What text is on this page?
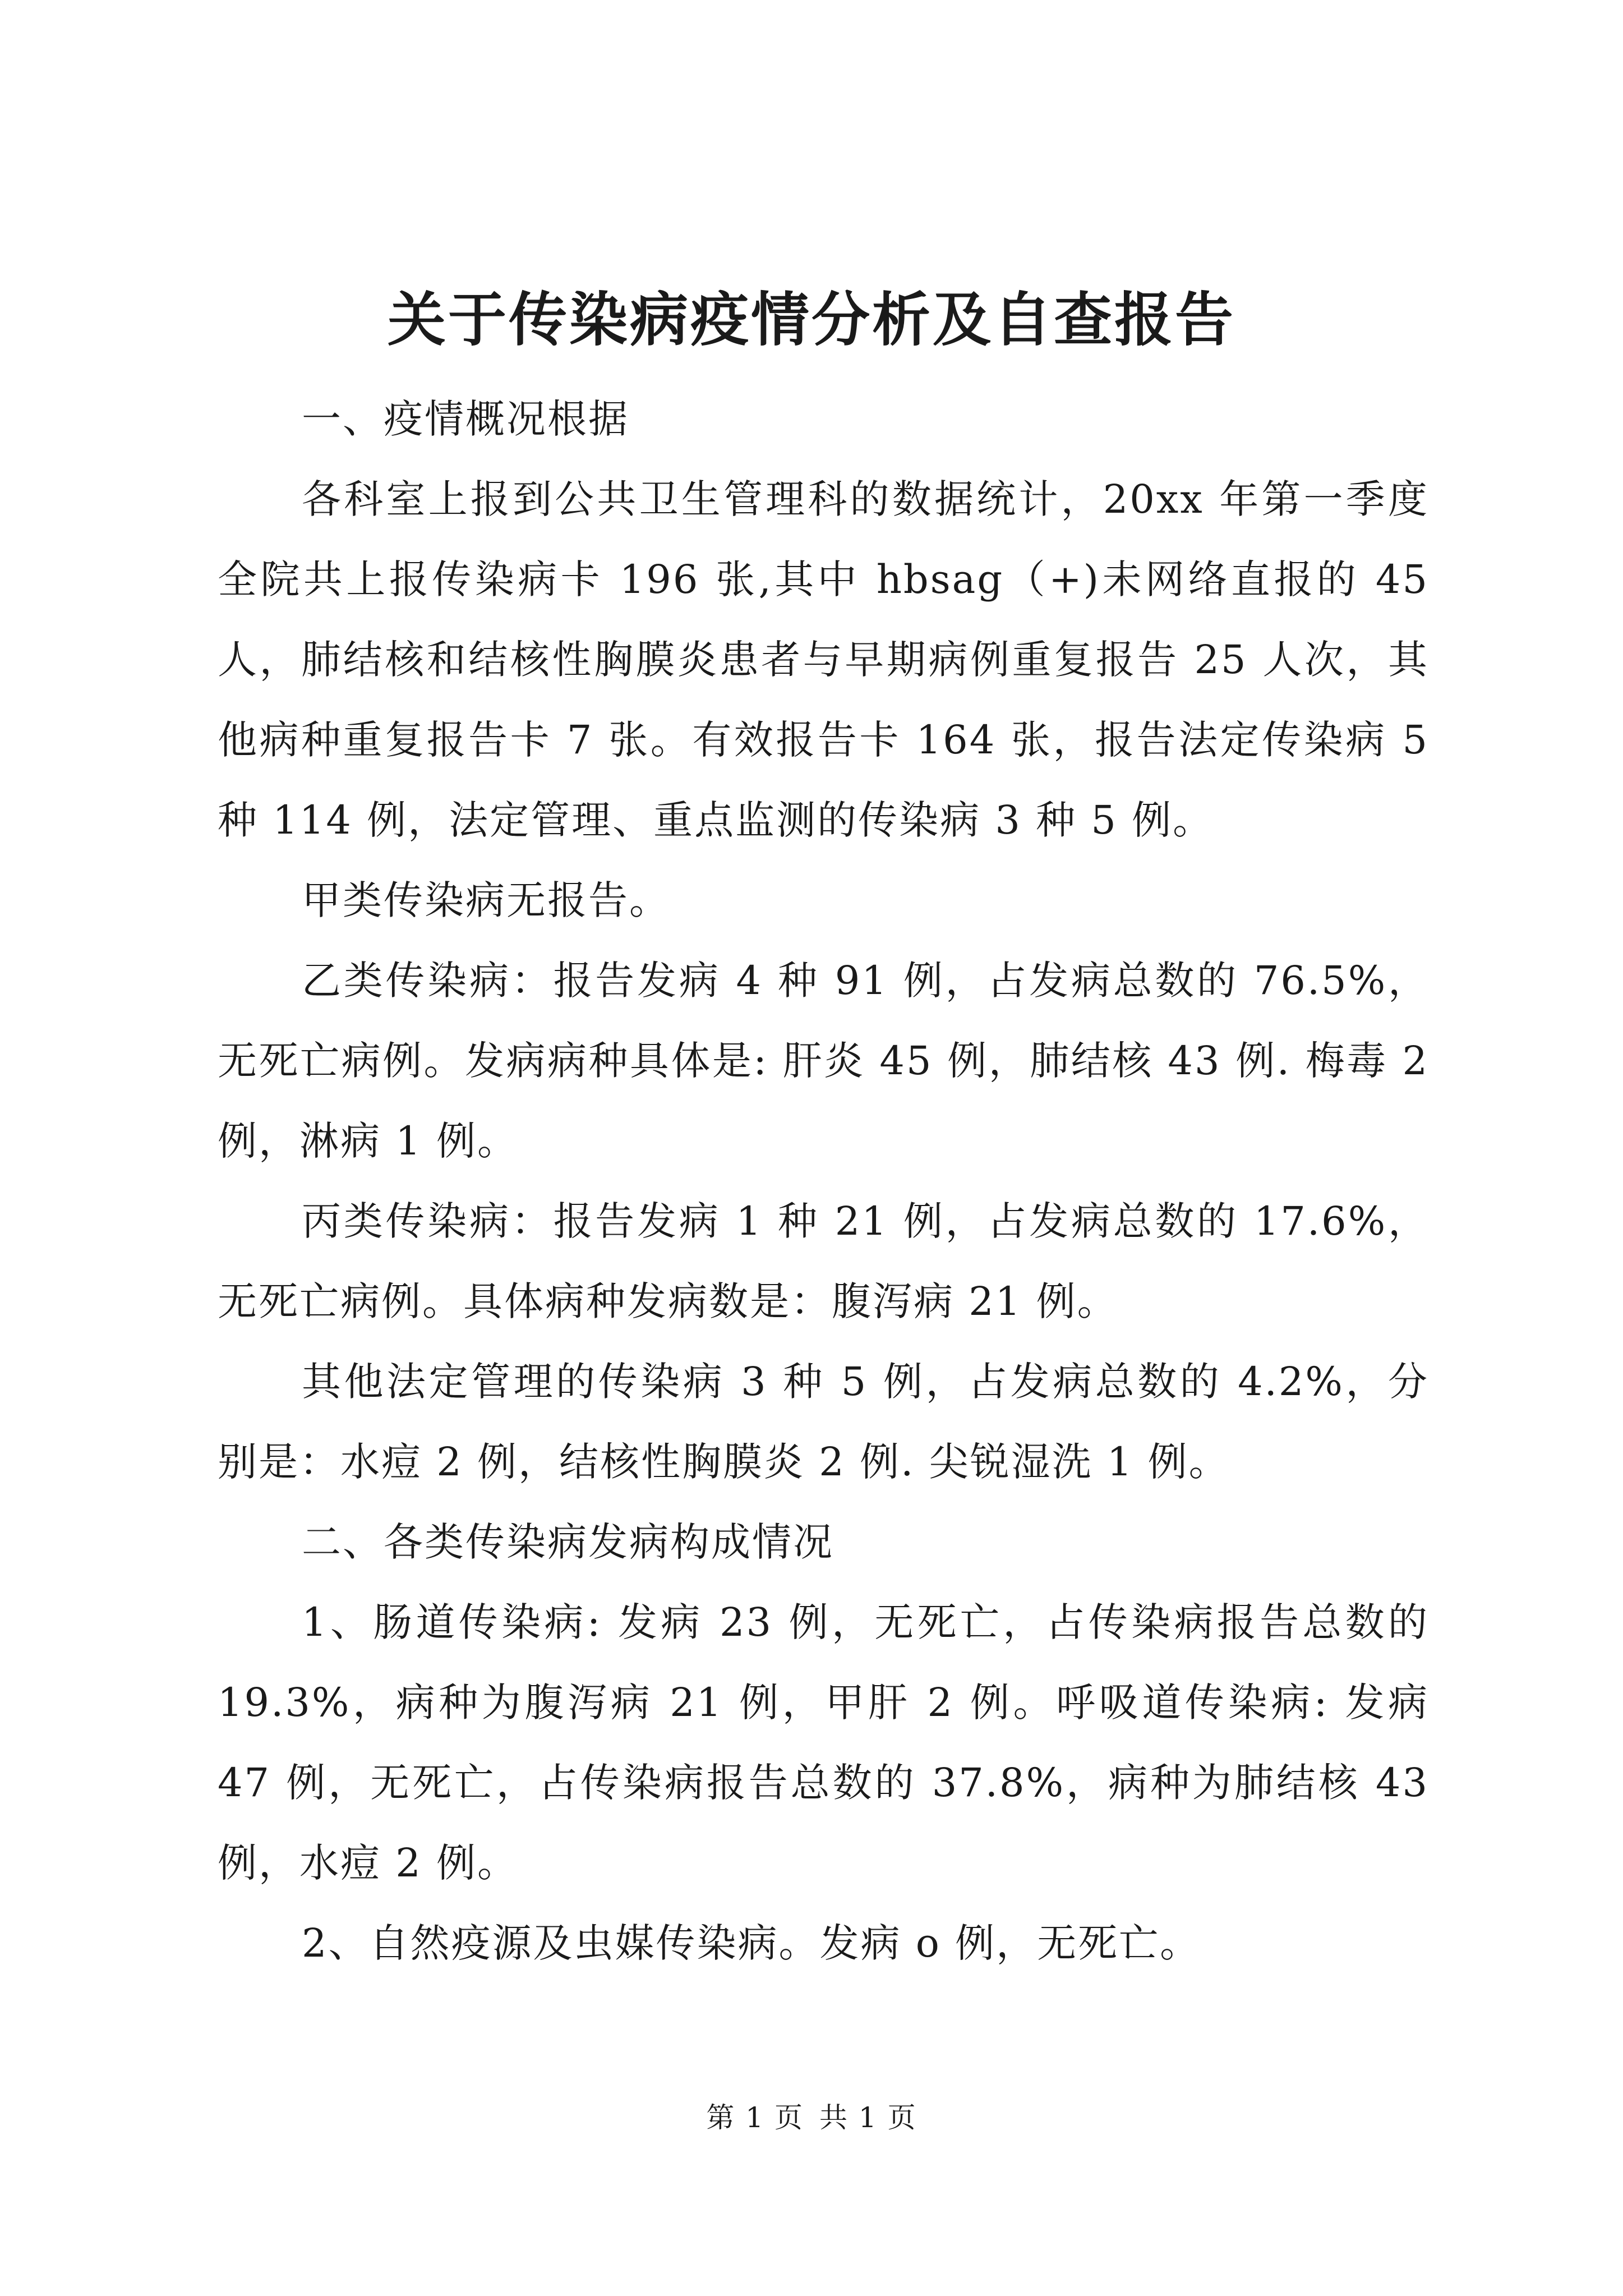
关于传染病疫情分析及自查报告

一、疫情概况根据

各科室上报到公共卫生管理科的数据统计，20xx 年第一季度全院共上报传染病卡 196 张,其中 hbsag（+)未网络直报的 45 人，肺结核和结核性胸膜炎患者与早期病例重复报告 25 人次，其他病种重复报告卡 7 张。有效报告卡 164 张，报告法定传染病 5 种 114 例，法定管理、重点监测的传染病 3 种 5 例。

甲类传染病无报告。

乙类传染病：报告发病 4 种 91 例，占发病总数的 76.5%，无死亡病例。发病病种具体是: 肝炎 45 例，肺结核 43 例. 梅毒 2 例，淋病 1 例。

丙类传染病：报告发病 1 种 21 例，占发病总数的 17.6%，无死亡病例。具体病种发病数是：腹泻病 21 例。

其他法定管理的传染病 3 种 5 例，占发病总数的 4.2%，分别是：水痘 2 例，结核性胸膜炎 2 例. 尖锐湿洗 1 例。

二、各类传染病发病构成情况

1、肠道传染病: 发病 23 例，无死亡，占传染病报告总数的 19.3%，病种为腹泻病 21 例，甲肝 2 例。呼吸道传染病: 发病 47 例，无死亡，占传染病报告总数的 37.8%，病种为肺结核 43 例，水痘 2 例。

2、自然疫源及虫媒传染病。发病 o 例，无死亡。

第 1 页 共 1 页
